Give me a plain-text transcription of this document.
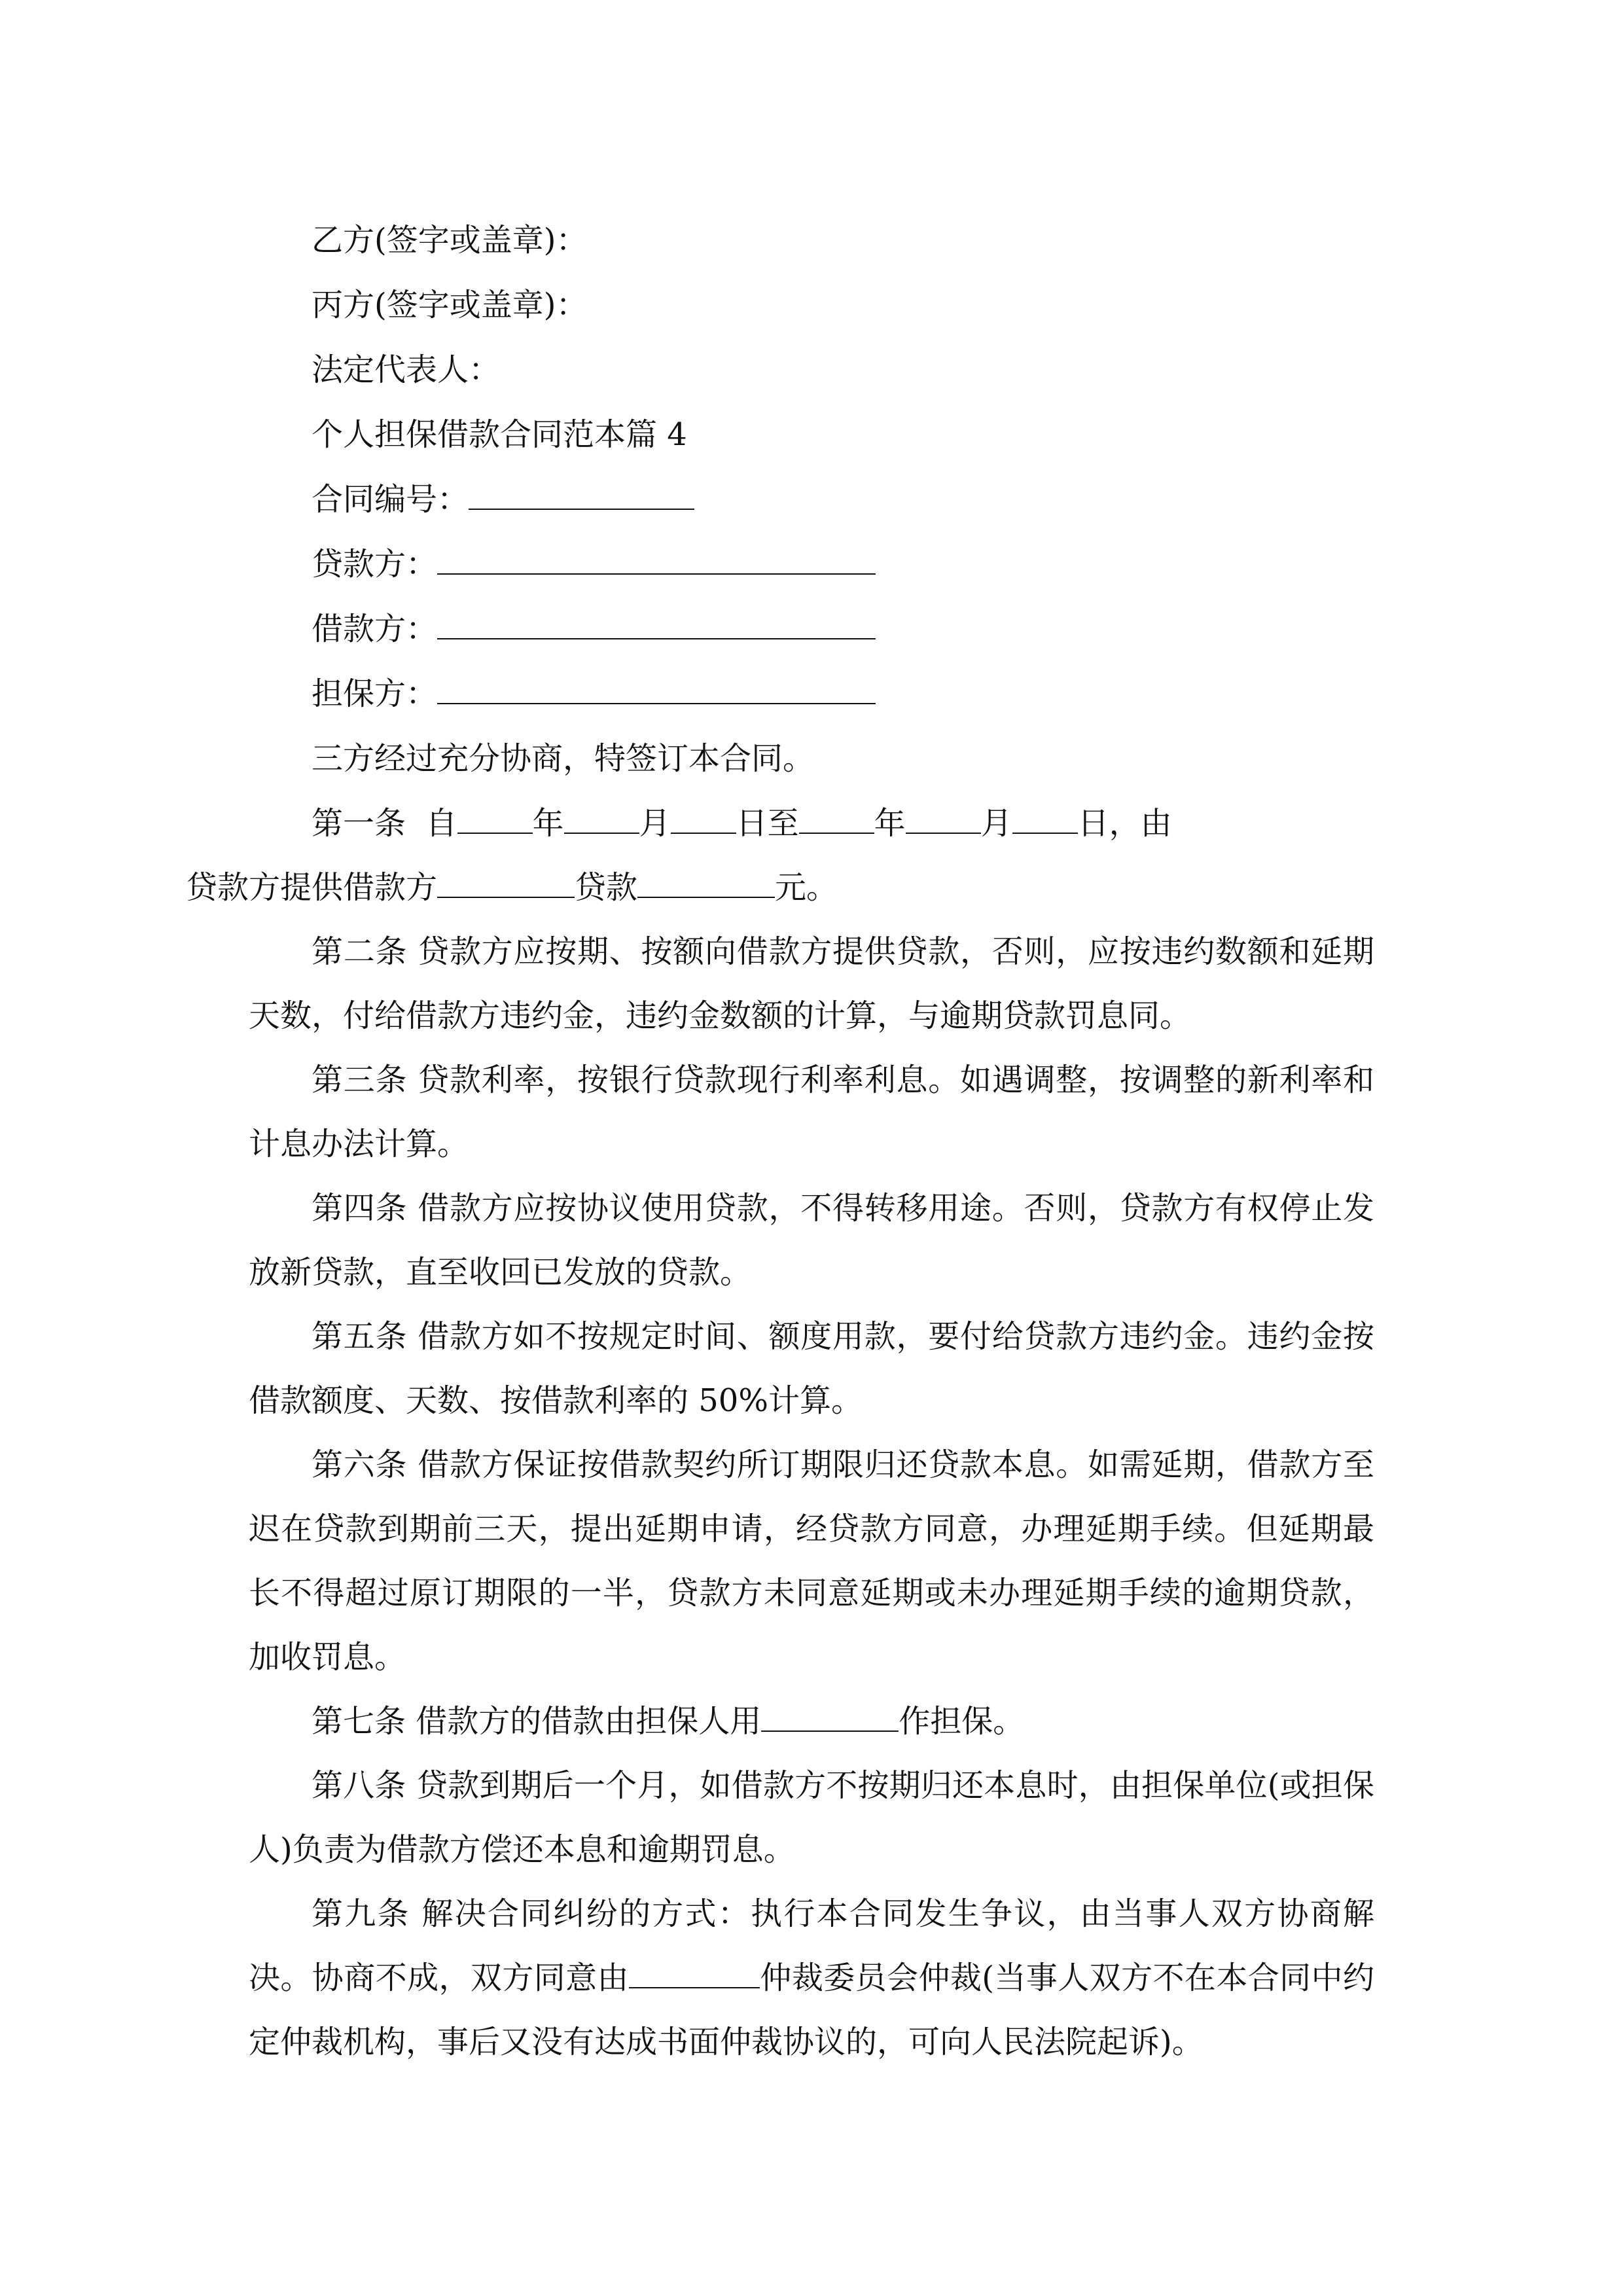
乙方(签字或盖章)：

丙方(签字或盖章)：

法定代表人：

个人担保借款合同范本篇 4

合同编号：

贷款方：

借款方：

担保方：

三方经过充分协商，特签订本合同。

第一条 自 年 月 日至 年 月 日，由
贷款方提供借款方	贷款	元。

第二条 贷款方应按期、按额向借款方提供贷款，否则，应按违约数额和延期天数，付给借款方违约金，违约金数额的计算，与逾期贷款罚息同。

第三条 贷款利率，按银行贷款现行利率利息。如遇调整，按调整的新利率和计息办法计算。

第四条 借款方应按协议使用贷款，不得转移用途。否则，贷款方有权停止发放新贷款，直至收回已发放的贷款。

第五条 借款方如不按规定时间、额度用款，要付给贷款方违约金。违约金按借款额度、天数、按借款利率的 50%计算。

第六条 借款方保证按借款契约所订期限归还贷款本息。如需延期，借款方至迟在贷款到期前三天，提出延期申请，经贷款方同意，办理延期手续。但延期最长不得超过原订期限的一半，贷款方未同意延期或未办理延期手续的逾期贷款，加收罚息。

第七条 借款方的借款由担保人用	作担保。

第八条 贷款到期后一个月，如借款方不按期归还本息时，由担保单位(或担保人)负责为借款方偿还本息和逾期罚息。

第九条 解决合同纠纷的方式：执行本合同发生争议，由当事人双方协商解决。协商不成，双方同意由	仲裁委员会仲裁(当事人双方不在本合同中约定仲裁机构，事后又没有达成书面仲裁协议的，可向人民法院起诉)。
